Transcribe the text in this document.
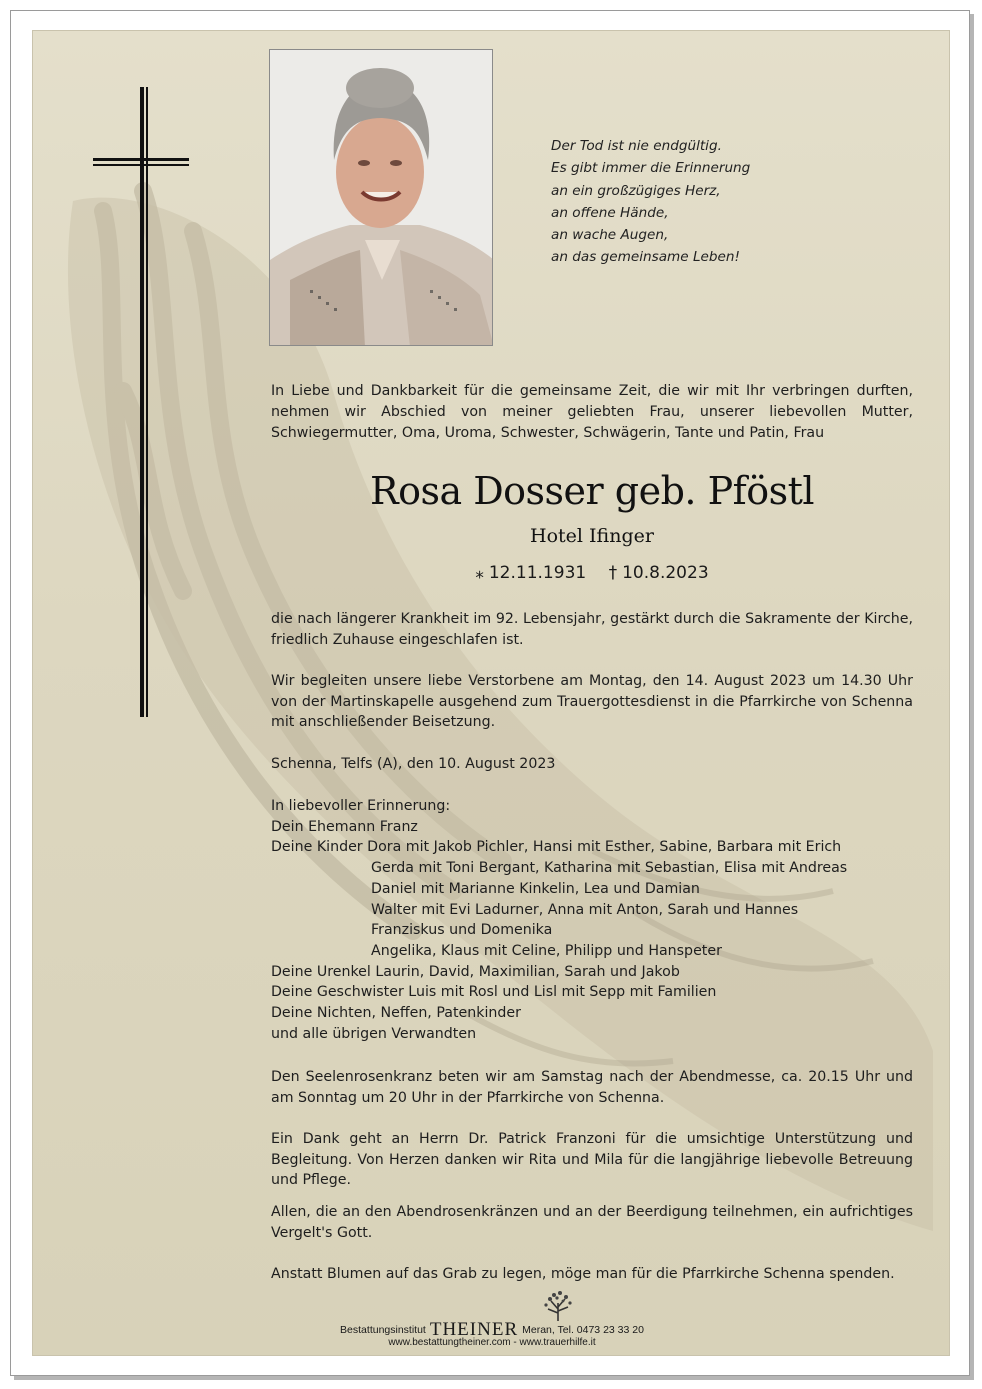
Der Tod ist nie endgültig.
Es gibt immer die Erinnerung
an ein großzügiges Herz,
an offene Hände,
an wache Augen,
an das gemeinsame Leben!
In Liebe und Dankbarkeit für die gemeinsame Zeit, die wir mit Ihr verbringen durften, nehmen wir Abschied von meiner geliebten Frau, unserer liebevollen Mutter, Schwiegermutter, Oma, Uroma, Schwester, Schwägerin, Tante und Patin, Frau
Rosa Dosser geb. Pföstl
Hotel Ifinger
⁎ 12.11.1931 † 10.8.2023
die nach längerer Krankheit im 92. Lebensjahr, gestärkt durch die Sakramente der Kirche, friedlich Zuhause eingeschlafen ist.
Wir begleiten unsere liebe Verstorbene am Montag, den 14. August 2023 um 14.30 Uhr von der Martinskapelle ausgehend zum Trauergottesdienst in die Pfarrkirche von Schenna mit anschließender Beisetzung.
Schenna, Telfs (A), den 10. August 2023
In liebevoller Erinnerung:
Dein Ehemann Franz
Deine Kinder Dora mit Jakob Pichler, Hansi mit Esther, Sabine, Barbara mit Erich
Gerda mit Toni Bergant, Katharina mit Sebastian, Elisa mit Andreas
Daniel mit Marianne Kinkelin, Lea und Damian
Walter mit Evi Ladurner, Anna mit Anton, Sarah und Hannes
Franziskus und Domenika
Angelika, Klaus mit Celine, Philipp und Hanspeter
Deine Urenkel Laurin, David, Maximilian, Sarah und Jakob
Deine Geschwister Luis mit Rosl und Lisl mit Sepp mit Familien
Deine Nichten, Neffen, Patenkinder
und alle übrigen Verwandten
Den Seelenrosenkranz beten wir am Samstag nach der Abendmesse, ca. 20.15 Uhr und am Sonntag um 20 Uhr in der Pfarrkirche von Schenna.
Ein Dank geht an Herrn Dr. Patrick Franzoni für die umsichtige Unterstützung und Begleitung. Von Herzen danken wir Rita und Mila für die langjährige liebevolle Betreuung und Pflege.
Allen, die an den Abendrosenkränzen und an der Beerdigung teilnehmen, ein aufrichtiges Vergelt's Gott.
Anstatt Blumen auf das Grab zu legen, möge man für die Pfarrkirche Schenna spenden.
Bestattungsinstitut THEINER Meran, Tel. 0473 23 33 20
www.bestattungtheiner.com - www.trauerhilfe.it
